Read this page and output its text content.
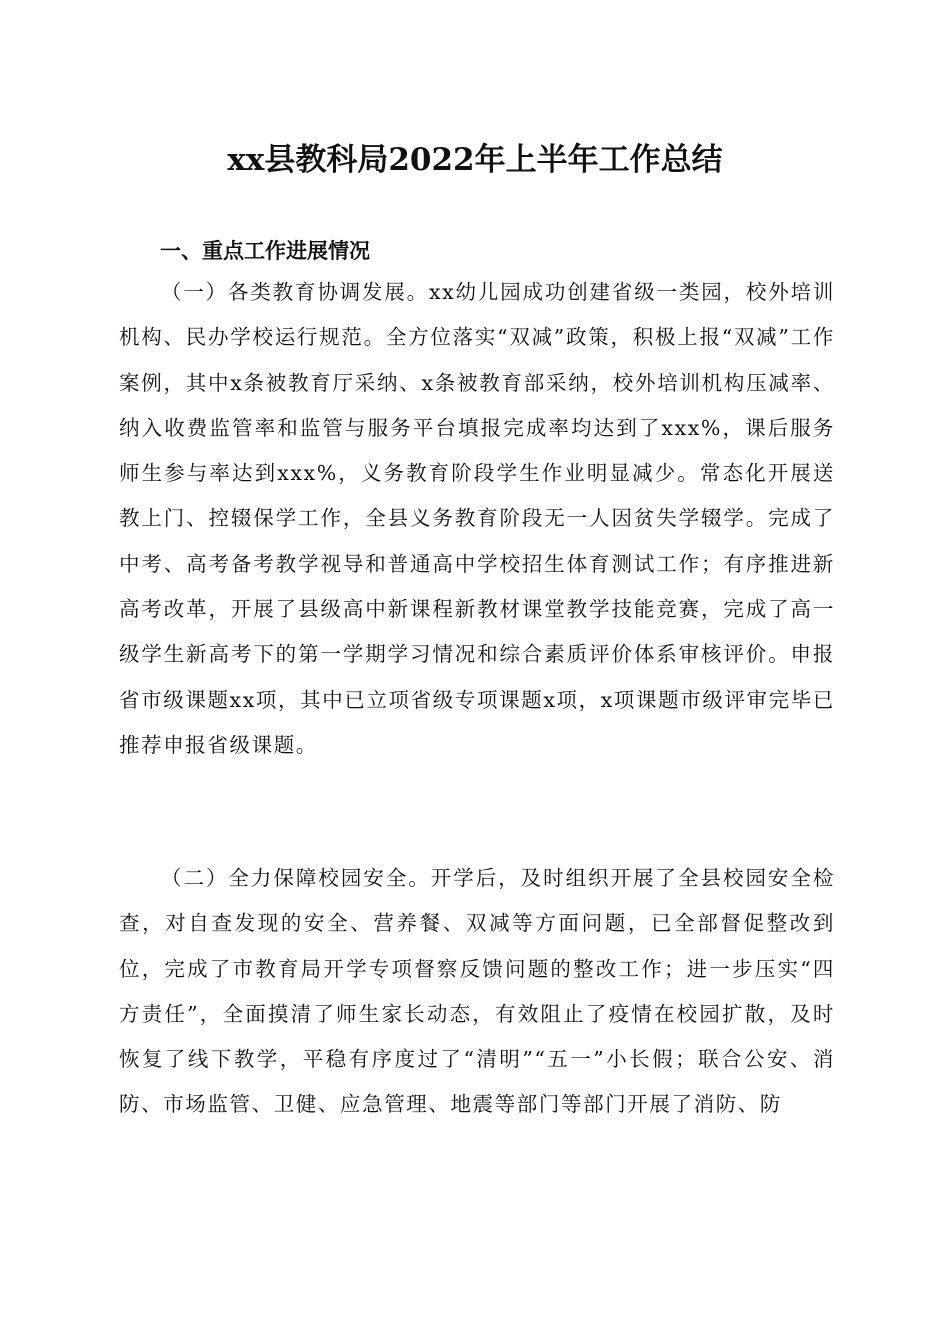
xx县教科局2022年上半年工作总结
一、重点工作进展情况

（一）各类教育协调发展。xx幼儿园成功创建省级一类园，校外培训机构、民办学校运行规范。全方位落实“双减”政策，积极上报“双减”工作案例，其中x条被教育厅采纳、x条被教育部采纳，校外培训机构压减率、纳入收费监管率和监管与服务平台填报完成率均达到了xxx%，课后服务师生参与率达到xxx%，义务教育阶段学生作业明显减少。常态化开展送教上门、控辍保学工作，全县义务教育阶段无一人因贫失学辍学。完成了中考、高考备考教学视导和普通高中学校招生体育测试工作；有序推进新高考改革，开展了县级高中新课程新教材课堂教学技能竞赛，完成了高一级学生新高考下的第一学期学习情况和综合素质评价体系审核评价。申报省市级课题xx项，其中已立项省级专项课题x项，x项课题市级评审完毕已推荐申报省级课题。

（二）全力保障校园安全。开学后，及时组织开展了全县校园安全检查，对自查发现的安全、营养餐、双减等方面问题，已全部督促整改到位，完成了市教育局开学专项督察反馈问题的整改工作；进一步压实“四方责任”，全面摸清了师生家长动态，有效阻止了疫情在校园扩散，及时恢复了线下教学，平稳有序度过了“清明”“五一”小长假；联合公安、消防、市场监管、卫健、应急管理、地震等部门等部门开展了消防、防
